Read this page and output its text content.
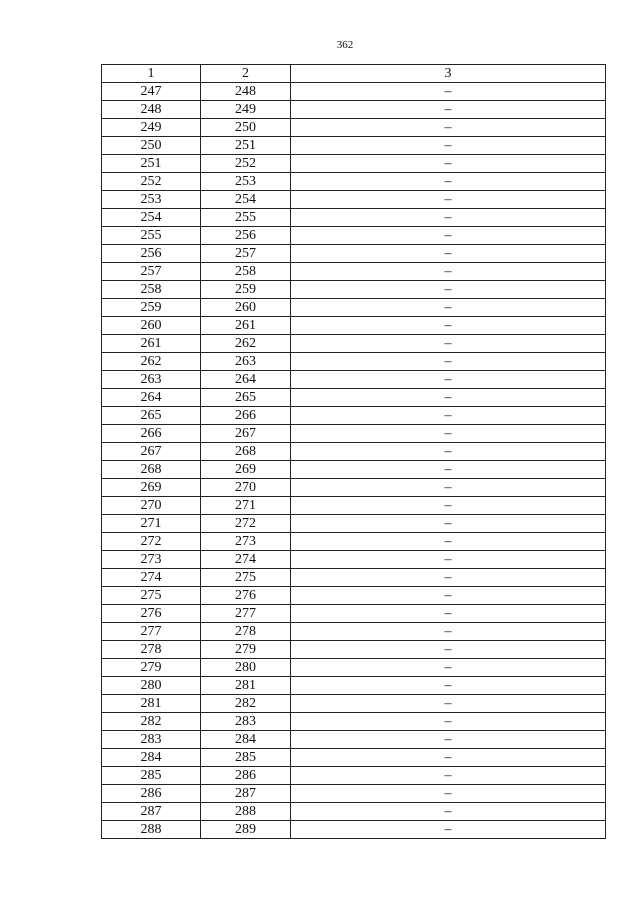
362
1	2	3
247	248	–
248	249	–
249	250	–
250	251	–
251	252	–
252	253	–
253	254	–
254	255	–
255	256	–
256	257	–
257	258	–
258	259	–
259	260	–
260	261	–
261	262	–
262	263	–
263	264	–
264	265	–
265	266	–
266	267	–
267	268	–
268	269	–
269	270	–
270	271	–
271	272	–
272	273	–
273	274	–
274	275	–
275	276	–
276	277	–
277	278	–
278	279	–
279	280	–
280	281	–
281	282	–
282	283	–
283	284	–
284	285	–
285	286	–
286	287	–
287	288	–
288	289	–
